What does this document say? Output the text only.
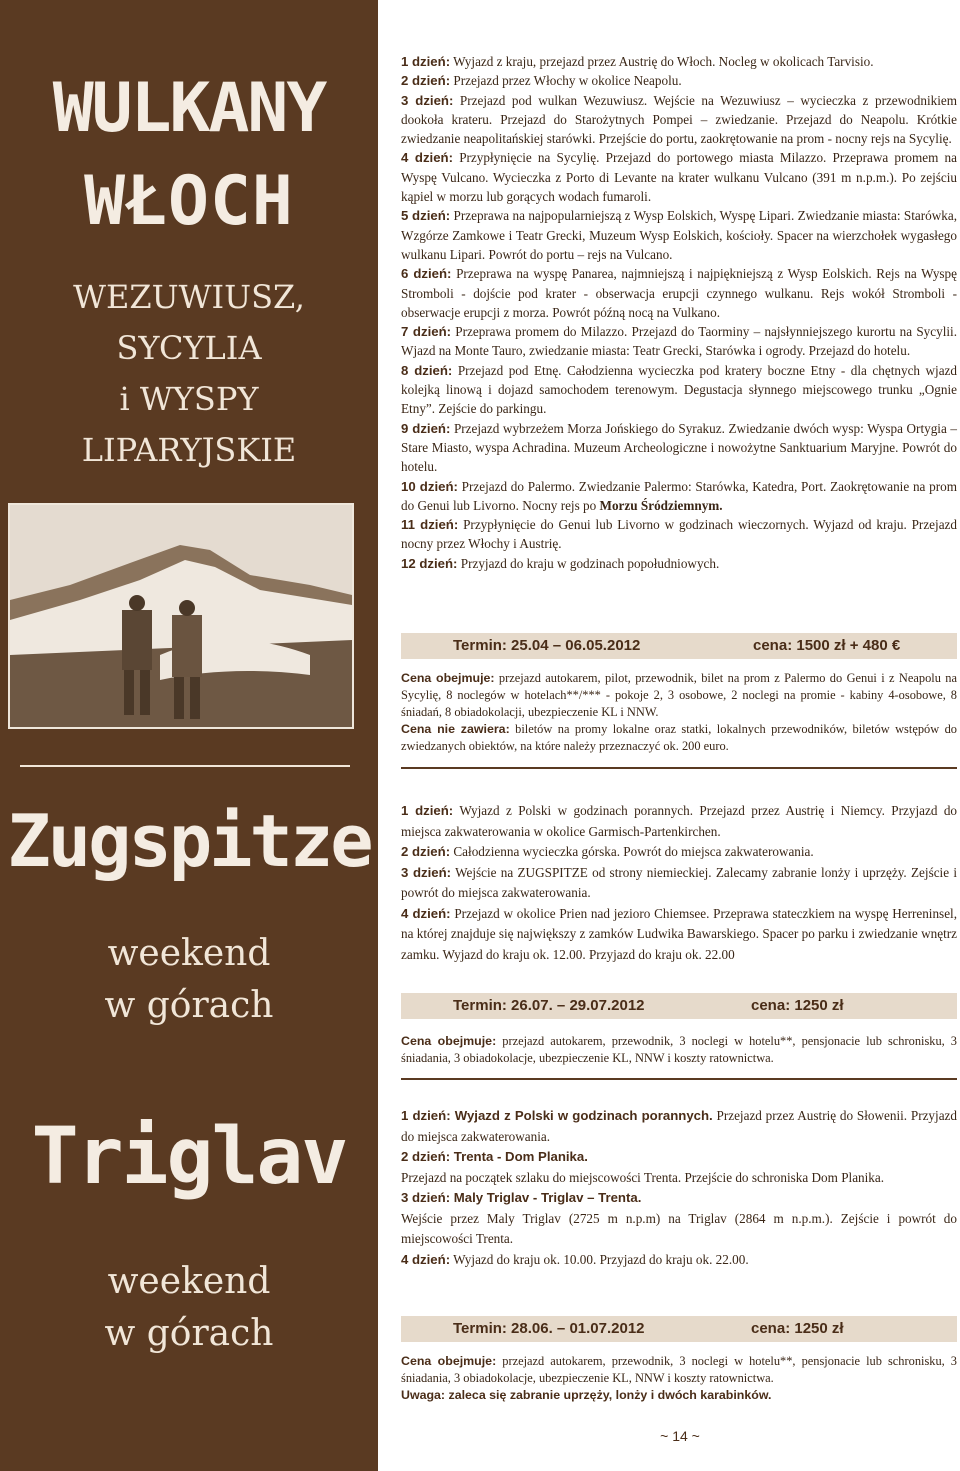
WULKANY
WŁOCH
WEZUWIUSZ,
SYCYLIA
i WYSPY
LIPARYJSKIE
Zugspitze
weekend
w górach
Triglav
weekend
w górach

1 dzień: Wyjazd z kraju, przejazd przez Austrię do Włoch. Nocleg w okolicach Tarvisio.

2 dzień: Przejazd przez Włochy w okolice Neapolu.

3 dzień: Przejazd pod wulkan Wezuwiusz. Wejście na Wezuwiusz – wycieczka z przewodnikiem dookoła krateru. Przejazd do Starożytnych Pompei – zwiedzanie. Przejazd do Neapolu. Krótkie zwiedzanie neapolitańskiej starówki. Przejście do portu, zaokrętowanie na prom - nocny rejs na Sycylię.

4 dzień: Przypłynięcie na Sycylię. Przejazd do portowego miasta Milazzo. Przeprawa promem na Wyspę Vulcano. Wycieczka z Porto di Levante na krater wulkanu Vulcano (391 m n.p.m.). Po zejściu kąpiel w morzu lub gorących wodach fumaroli.

5 dzień: Przeprawa na najpopularniejszą z Wysp Eolskich, Wyspę Lipari. Zwiedzanie miasta: Starówka, Wzgórze Zamkowe i Teatr Grecki, Muzeum Wysp Eolskich, kościoły. Spacer na wierzchołek wygasłego wulkanu Lipari. Powrót do portu – rejs na Vulcano.

6 dzień: Przeprawa na wyspę Panarea, najmniejszą i najpiękniejszą z Wysp Eolskich. Rejs na Wyspę Stromboli - dojście pod krater - obserwacja erupcji czynnego wulkanu. Rejs wokół Stromboli - obserwacje erupcji z morza. Powrót późną nocą na Vulkano.

7 dzień: Przeprawa promem do Milazzo. Przejazd do Taorminy – najsłynniejszego kurortu na Sycylii. Wjazd na Monte Tauro, zwiedzanie miasta: Teatr Grecki, Starówka i ogrody. Przejazd do hotelu.

8 dzień: Przejazd pod Etnę. Całodzienna wycieczka pod kratery boczne Etny - dla chętnych wjazd kolejką linową i dojazd samochodem terenowym. Degustacja słynnego miejscowego trunku „Ognie Etny”. Zejście do parkingu.

9 dzień: Przejazd wybrzeżem Morza Jońskiego do Syrakuz. Zwiedzanie dwóch wysp: Wyspa Ortygia – Stare Miasto, wyspa Achradina. Muzeum Archeologiczne i nowożytne Sanktuarium Maryjne. Powrót do hotelu.

10 dzień: Przejazd do Palermo. Zwiedzanie Palermo: Starówka, Katedra, Port. Zaokrętowanie na prom do Genui lub Livorno. Nocny rejs po Morzu Śródziemnym.

11 dzień: Przypłynięcie do Genui lub Livorno w godzinach wieczornych. Wyjazd od kraju. Przejazd nocny przez Włochy i Austrię.

12 dzień: Przyjazd do kraju w godzinach popołudniowych.

Termin: 25.04 – 06.05.2012	cena: 1500 zł + 480 €
Cena obejmuje: przejazd autokarem, pilot, przewodnik, bilet na prom z Palermo do Genui i z Neapolu na Sycylię, 8 noclegów w hotelach**/*** - pokoje 2, 3 osobowe, 2 noclegi na promie - kabiny 4-osobowe, 8 śniadań, 8 obiadokolacji, ubezpieczenie KL i NNW.
Cena nie zawiera: biletów na promy lokalne oraz statki, lokalnych przewodników, biletów wstępów do zwiedzanych obiektów, na które należy przeznaczyć ok. 200 euro.

1 dzień: Wyjazd z Polski w godzinach porannych. Przejazd przez Austrię i Niemcy. Przyjazd do miejsca zakwaterowania w okolice Garmisch-Partenkirchen.

2 dzień: Całodzienna wycieczka górska. Powrót do miejsca zakwaterowania.

3 dzień: Wejście na ZUGSPITZE od strony niemieckiej. Zalecamy zabranie lonży i uprzęży. Zejście i powrót do miejsca zakwaterowania.

4 dzień: Przejazd w okolice Prien nad jezioro Chiemsee. Przeprawa stateczkiem na wyspę Herreninsel, na której znajduje się największy z zamków Ludwika Bawarskiego. Spacer po parku i zwiedzanie wnętrz zamku. Wyjazd do kraju ok. 12.00. Przyjazd do kraju ok. 22.00

Termin: 26.07. – 29.07.2012	cena: 1250 zł
Cena obejmuje: przejazd autokarem, przewodnik, 3 noclegi w hotelu**, pensjonacie lub schronisku, 3 śniadania, 3 obiadokolacje, ubezpieczenie KL, NNW i koszty ratownictwa.

1 dzień: Wyjazd z Polski w godzinach porannych. Przejazd przez Austrię do Słowenii. Przyjazd do miejsca zakwaterowania.

2 dzień: Trenta - Dom Planika.

Przejazd na początek szlaku do miejscowości Trenta. Przejście do schroniska Dom Planika.

3 dzień: Maly Triglav - Triglav – Trenta.

Wejście przez Maly Triglav (2725 m n.p.m) na Triglav (2864 m n.p.m.). Zejście i powrót do miejscowości Trenta.

4 dzień: Wyjazd do kraju ok. 10.00. Przyjazd do kraju ok. 22.00.

Termin: 28.06. – 01.07.2012	cena: 1250 zł
Cena obejmuje: przejazd autokarem, przewodnik, 3 noclegi w hotelu**, pensjonacie lub schronisku, 3 śniadania, 3 obiadokolacje, ubezpieczenie KL, NNW i koszty ratownictwa.
Uwaga: zaleca się zabranie uprzęży, lonży i dwóch karabinków.
~ 14 ~
